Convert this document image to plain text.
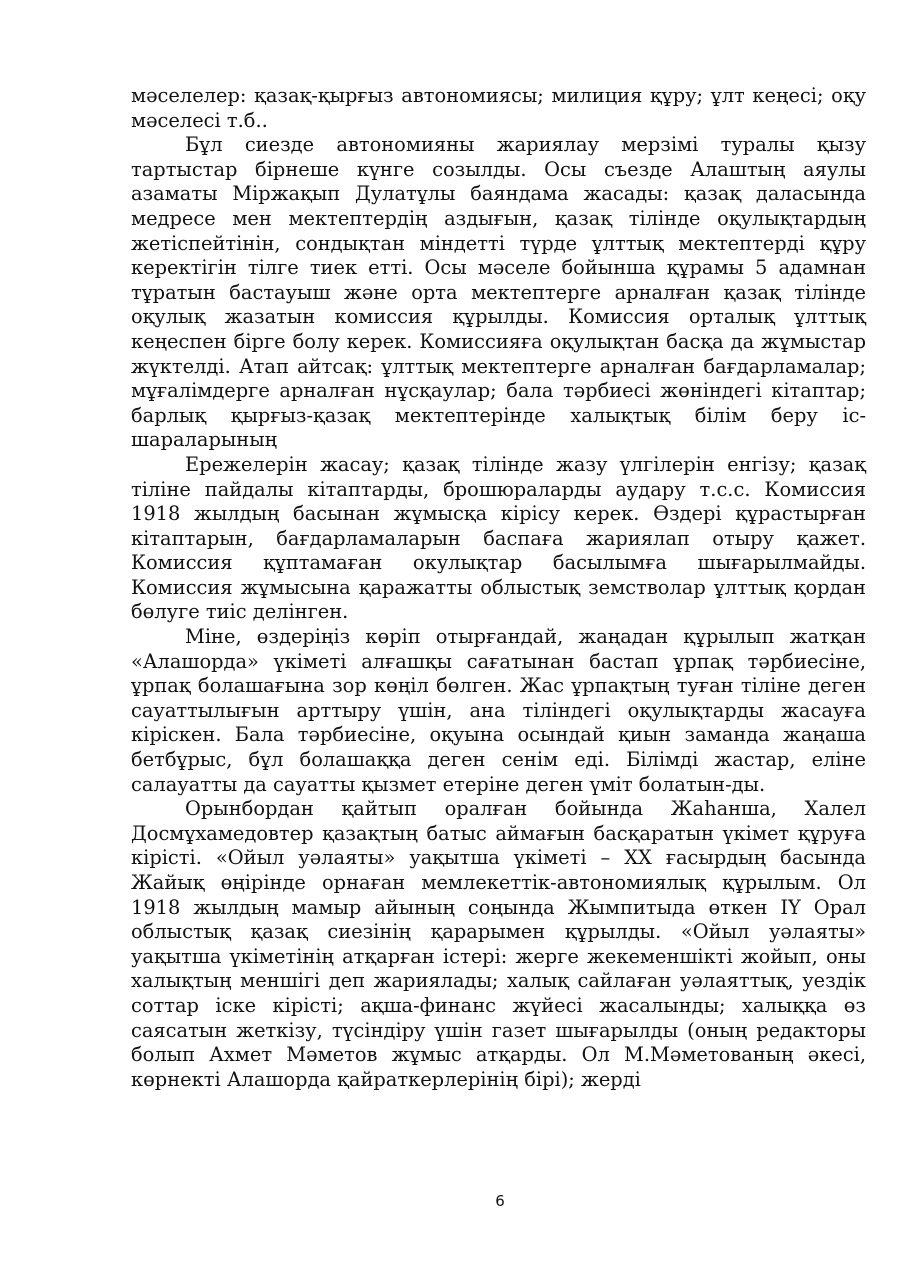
мәселелер: қазақ-қырғыз автономиясы; милиция құру; ұлт кеңесі; оқу мәселесі т.б..

Бұл сиезде автономияны жариялау мерзімі туралы қызу тартыстар бірнеше күнге созылды. Осы съезде Алаштың аяулы азаматы Міржақып Дулатұлы баяндама жасады: қазақ даласында медресе мен мектептердің аздығын, қазақ тілінде оқулықтардың жетіспейтінін, сондықтан міндетті түрде ұлттық мектептерді құру керектігін тілге тиек етті. Осы мәселе бойынша құрамы 5 адамнан тұратын бастауыш және орта мектептерге арналған қазақ тілінде оқулық жазатын комиссия құрылды. Комиссия орталық ұлттық кеңеспен бірге болу керек. Комиссияға оқулықтан басқа да жұмыстар жүктелді. Атап айтсақ: ұлттық мектептерге арналған бағдарламалар; мұғалімдерге арналған нұсқаулар; бала тәрбиесі жөніндегі кітаптар; барлық қырғыз-қазақ мектептерінде халықтық білім беру іс-шараларының

Ережелерін жасау; қазақ тілінде жазу үлгілерін енгізу; қазақ тіліне пайдалы кітаптарды, брошюраларды аудару т.с.с. Комиссия 1918 жылдың басынан жұмысқа кірісу керек. Өздері құрастырған кітаптарын, бағдарламаларын баспаға жариялап отыру қажет. Комиссия құптамаған окулықтар басылымға шығарылмайды. Комиссия жұмысына қаражатты облыстық земстволар ұлттық қордан бөлуге тиіс делінген.

Міне, өздеріңіз көріп отырғандай, жаңадан құрылып жатқан «Алашорда» үкіметі алғашқы сағатынан бастап ұрпақ тәрбиесіне, ұрпақ болашағына зор көңіл бөлген. Жас ұрпақтың туған тіліне деген сауаттылығын арттыру үшін, ана тіліндегі оқулықтарды жасауға кіріскен. Бала тәрбиесіне, оқуына осындай қиын заманда жаңаша бетбұрыс, бұл болашаққа деген сенім еді. Білімді жастар, еліне салауатты да сауатты қызмет етеріне деген үміт болатын-ды.

Орынбордан қайтып оралған бойында Жаһанша, Халел Досмұхамедовтер қазақтың батыс аймағын басқаратын үкімет құруға кірісті. «Ойыл уәлаяты» уақытша үкіметі – XX ғасырдың басында Жайық өңірінде орнаған мемлекеттік-автономиялық құрылым. Ол 1918 жылдың мамыр айының соңында Жымпитыда өткен IY Орал облыстық қазақ сиезінің қарарымен құрылды. «Ойыл уәлаяты» уақытша үкіметінің атқарған істері: жерге жекеменшікті жойып, оны халықтың меншігі деп жариялады; халық сайлаған уәлаяттық, уездік соттар іске кірісті; ақша-финанс жүйесі жасалынды; халыққа өз саясатын жеткізу, түсіндіру үшін газет шығарылды (оның редакторы болып Ахмет Мәметов жұмыс атқарды. Ол М.Мәметованың әкесі, көрнекті Алашорда қайраткерлерінің бірі); жерді

6
